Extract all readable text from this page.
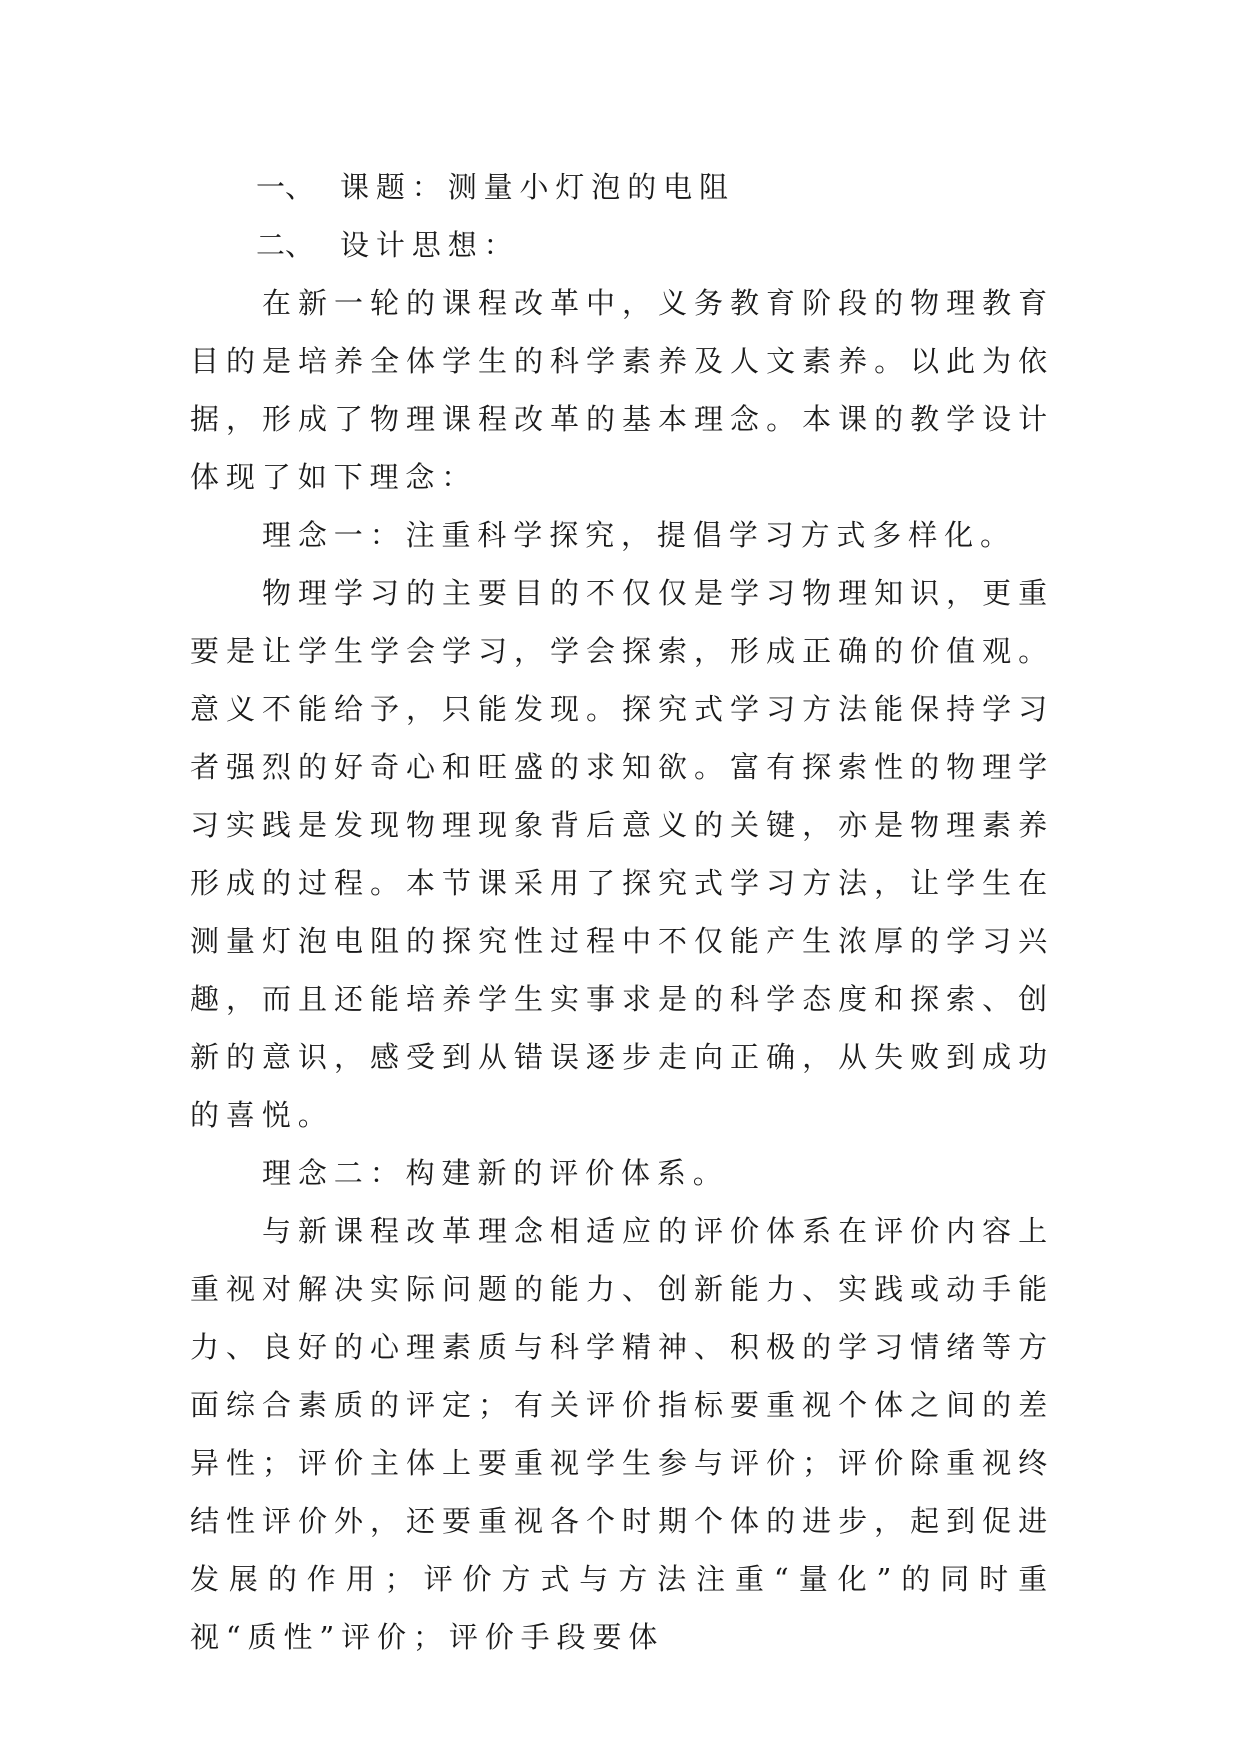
一、 课题：测量小灯泡的电阻

二、 设计思想：

在新一轮的课程改革中，义务教育阶段的物理教育目的是培养全体学生的科学素养及人文素养。以此为依据，形成了物理课程改革的基本理念。本课的教学设计体现了如下理念：

理念一：注重科学探究，提倡学习方式多样化。

物理学习的主要目的不仅仅是学习物理知识，更重要是让学生学会学习，学会探索，形成正确的价值观。意义不能给予，只能发现。探究式学习方法能保持学习者强烈的好奇心和旺盛的求知欲。富有探索性的物理学习实践是发现物理现象背后意义的关键，亦是物理素养形成的过程。本节课采用了探究式学习方法，让学生在测量灯泡电阻的探究性过程中不仅能产生浓厚的学习兴趣，而且还能培养学生实事求是的科学态度和探索、创新的意识，感受到从错误逐步走向正确，从失败到成功的喜悦。

理念二：构建新的评价体系。

与新课程改革理念相适应的评价体系在评价内容上重视对解决实际问题的能力、创新能力、实践或动手能力、良好的心理素质与科学精神、积极的学习情绪等方面综合素质的评定；有关评价指标要重视个体之间的差异性；评价主体上要重视学生参与评价；评价除重视终结性评价外，还要重视各个时期个体的进步，起到促进发展的作用；评价方式与方法注重“量化”的同时重视“质性”评价；评价手段要体
